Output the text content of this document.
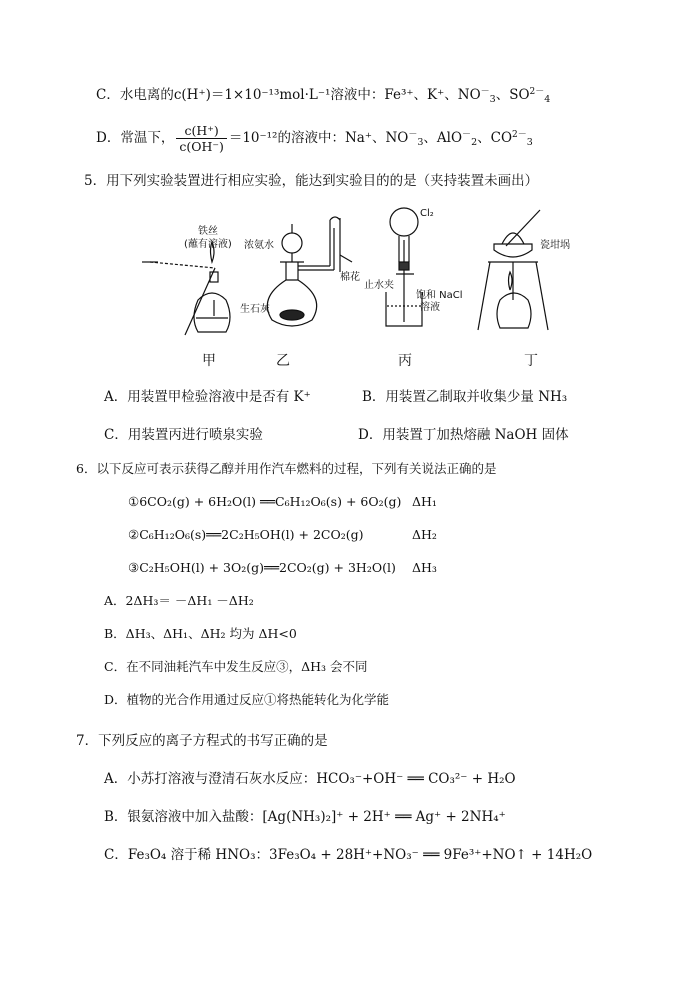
C．水电离的c(H⁺)＝1×10⁻¹³mol·L⁻¹溶液中：Fe³⁺、K⁺、$NO^-_3$、$SO^{2-}_4$
D．常温下， $\frac{c(H^+)}{c(OH^-)} =10^{-12}$的溶液中：Na⁺、$NO^-_3$、AlO－$_2$、$CO^{2-}_3$
5．用下列实验装置进行相应实验，能达到实验目的的是（夹持装置未画出）
铁丝
(蘸有溶液) 浓氨水
棉花
生石灰
Cl₂
止水夹
饱和 NaCl
溶液
瓷坩埚
甲	乙	丙	丁
A．用装置甲检验溶液中是否有 K⁺	B．用装置乙制取并收集少量 NH₃
C．用装置丙进行喷泉实验	D．用装置丁加热熔融 NaOH 固体
6．以下反应可表示获得乙醇并用作汽车燃料的过程，下列有关说法正确的是
①6CO₂(g) + 6H₂O(l) ══C₆H₁₂O₆(s) + 6O₂(g) ΔH₁
②C₆H₁₂O₆(s)══2C₂H₅OH(l) + 2CO₂(g)	ΔH₂
③C₂H₅OH(l) + 3O₂(g)══2CO₂(g) + 3H₂O(l) ΔH₃
A．2ΔH₃＝ －ΔH₁ －ΔH₂
B．ΔH₃、ΔH₁、ΔH₂ 均为 ΔH<0
C．在不同油耗汽车中发生反应③，ΔH₃ 会不同
D．植物的光合作用通过反应①将热能转化为化学能
7．下列反应的离子方程式的书写正确的是
A．小苏打溶液与澄清石灰水反应：HCO₃⁻+OH⁻ ══ CO₃²⁻ + H₂O
B．银氨溶液中加入盐酸：[Ag(NH₃)₂]⁺ + 2H⁺ ══ Ag⁺ + 2NH₄⁺
C．Fe₃O₄ 溶于稀 HNO₃：3Fe₃O₄ + 28H⁺+NO₃⁻ ══ 9Fe³⁺+NO↑ + 14H₂O
